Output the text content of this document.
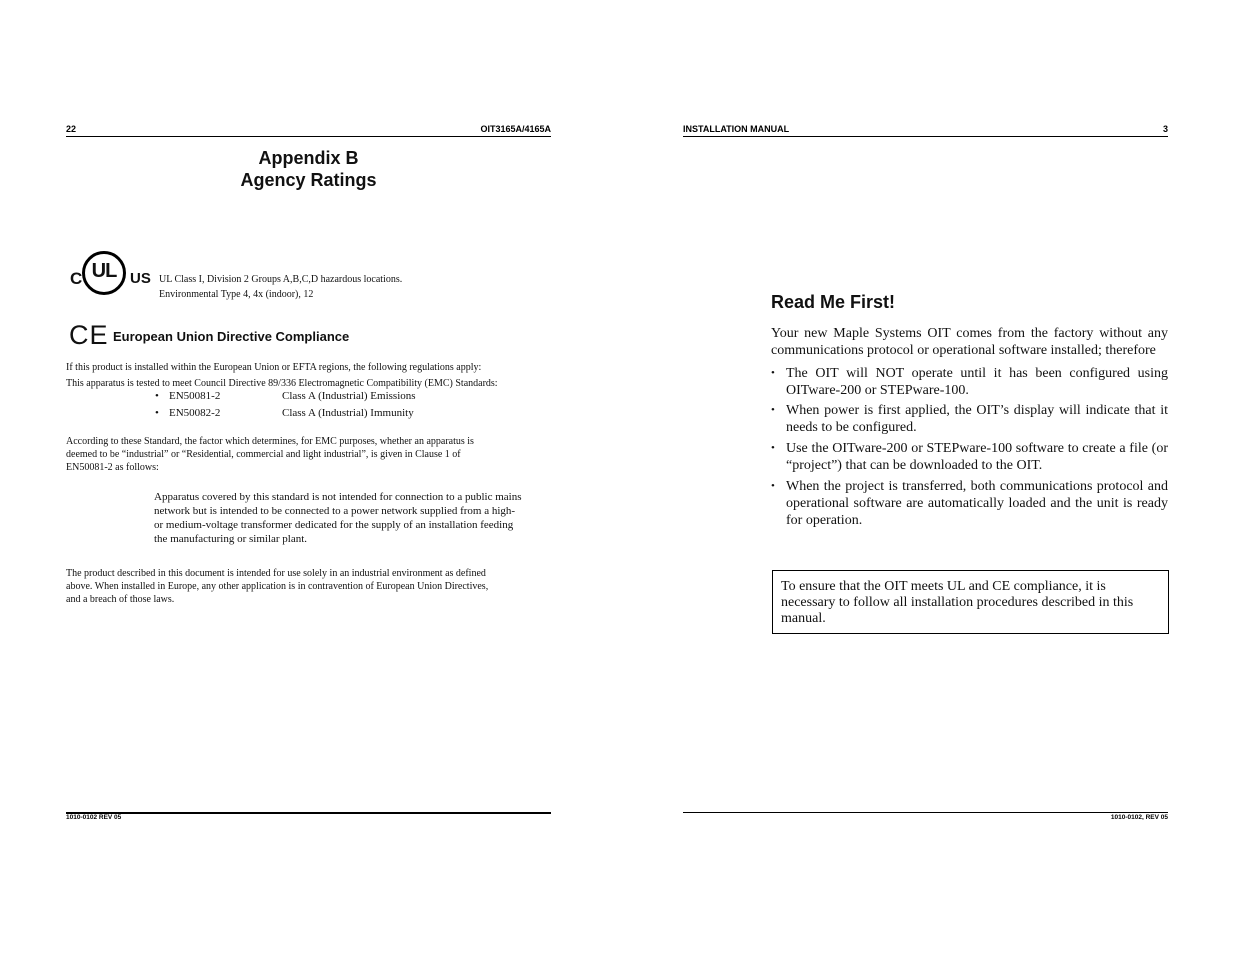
22	OIT3165A/4165A
Appendix B
Agency Ratings
C UL US UL Class I, Division 2 Groups A,B,C,D hazardous locations.
Environmental Type 4, 4x (indoor), 12
CE European Union Directive Compliance
If this product is installed within the European Union or EFTA regions, the following regulations apply:
This apparatus is tested to meet Council Directive 89/336 Electromagnetic Compatibility (EMC) Standards:
• EN50081-2	Class A (Industrial) Emissions
• EN50082-2	Class A (Industrial) Immunity
According to these Standard, the factor which determines, for EMC purposes, whether an apparatus is
deemed to be “industrial” or “Residential, commercial and light industrial”, is given in Clause 1 of
EN50081-2 as follows:
Apparatus covered by this standard is not intended for connection to a public mains
network but is intended to be connected to a power network supplied from a high-
or medium-voltage transformer dedicated for the supply of an installation feeding
the manufacturing or similar plant.
The product described in this document is intended for use solely in an industrial environment as defined
above. When installed in Europe, any other application is in contravention of European Union Directives,
and a breach of those laws.
1010-0102 REV 05
INSTALLATION MANUAL	3
Read Me First!
Your new Maple Systems OIT comes from the factory without any communications protocol or operational software installed; therefore
• The OIT will NOT operate until it has been configured using OITware-200 or STEPware-100.
• When power is first applied, the OIT’s display will indicate that it needs to be configured.
• Use the OITware-200 or STEPware-100 software to create a file (or “project”) that can be downloaded to the OIT.
• When the project is transferred, both communications protocol and operational software are automatically loaded and the unit is ready for operation.
To ensure that the OIT meets UL and CE compliance, it is necessary to follow all installation procedures described in this manual.
1010-0102, REV 05
